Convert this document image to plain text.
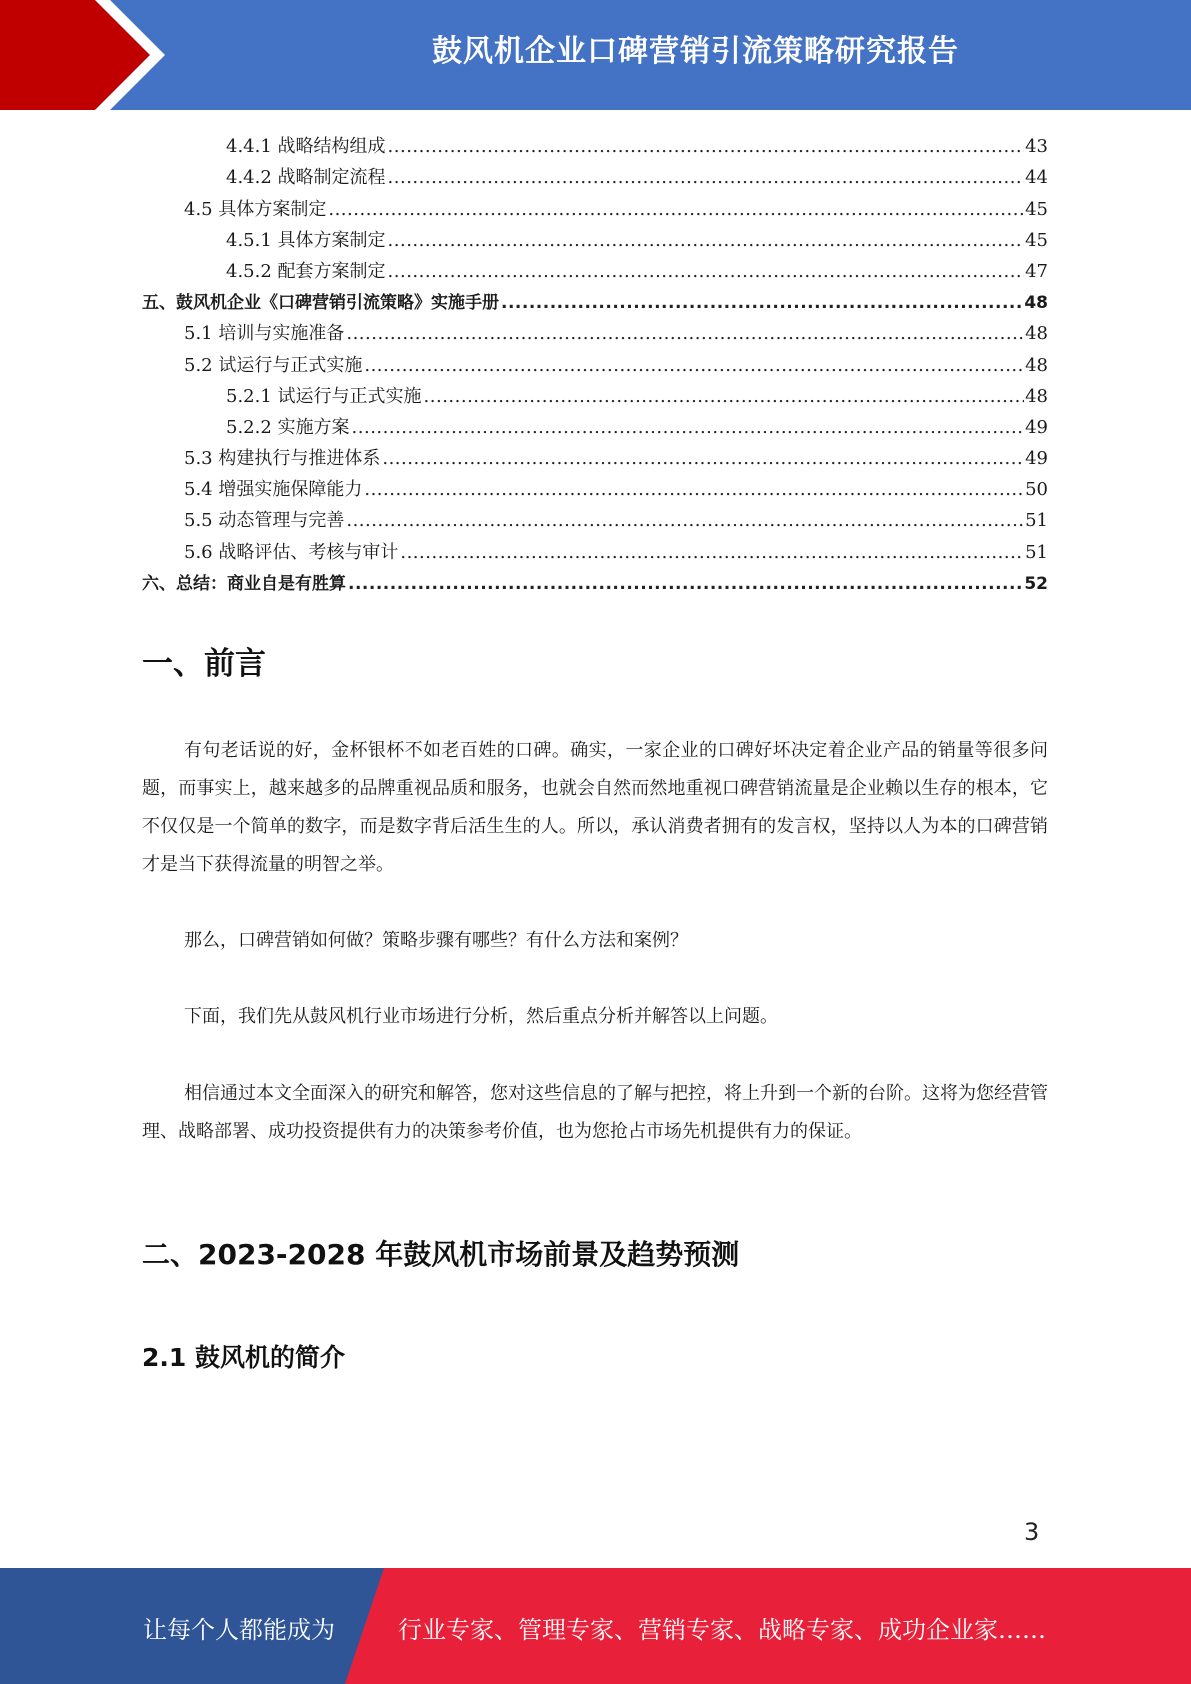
鼓风机企业口碑营销引流策略研究报告
4.4.1 战略结构组成 .....	43
4.4.2 战略制定流程 .....	44
4.5 具体方案制定 .....	45
4.5.1 具体方案制定 .....	45
4.5.2 配套方案制定 .....	47
五、鼓风机企业《口碑营销引流策略》实施手册 .....	48
5.1 培训与实施准备 .....	48
5.2 试运行与正式实施 .....	48
5.2.1 试运行与正式实施 .....	48
5.2.2 实施方案 .....	49
5.3 构建执行与推进体系 .....	49
5.4 增强实施保障能力 .....	50
5.5 动态管理与完善 .....	51
5.6 战略评估、考核与审计 .....	51
六、总结：商业自是有胜算 .....	52
一、前言

有句老话说的好，金杯银杯不如老百姓的口碑。确实，一家企业的口碑好坏决定着企业产品的销量等很多问题，而事实上，越来越多的品牌重视品质和服务，也就会自然而然地重视口碑营销流量是企业赖以生存的根本，它不仅仅是一个简单的数字，而是数字背后活生生的人。所以，承认消费者拥有的发言权，坚持以人为本的口碑营销才是当下获得流量的明智之举。

那么，口碑营销如何做？策略步骤有哪些？有什么方法和案例？

下面，我们先从鼓风机行业市场进行分析，然后重点分析并解答以上问题。

相信通过本文全面深入的研究和解答，您对这些信息的了解与把控，将上升到一个新的台阶。这将为您经营管理、战略部署、成功投资提供有力的决策参考价值，也为您抢占市场先机提供有力的保证。

二、2023-2028 年鼓风机市场前景及趋势预测
2.1 鼓风机的简介
3
让每个人都能成为	行业专家、管理专家、营销专家、战略专家、成功企业家……
